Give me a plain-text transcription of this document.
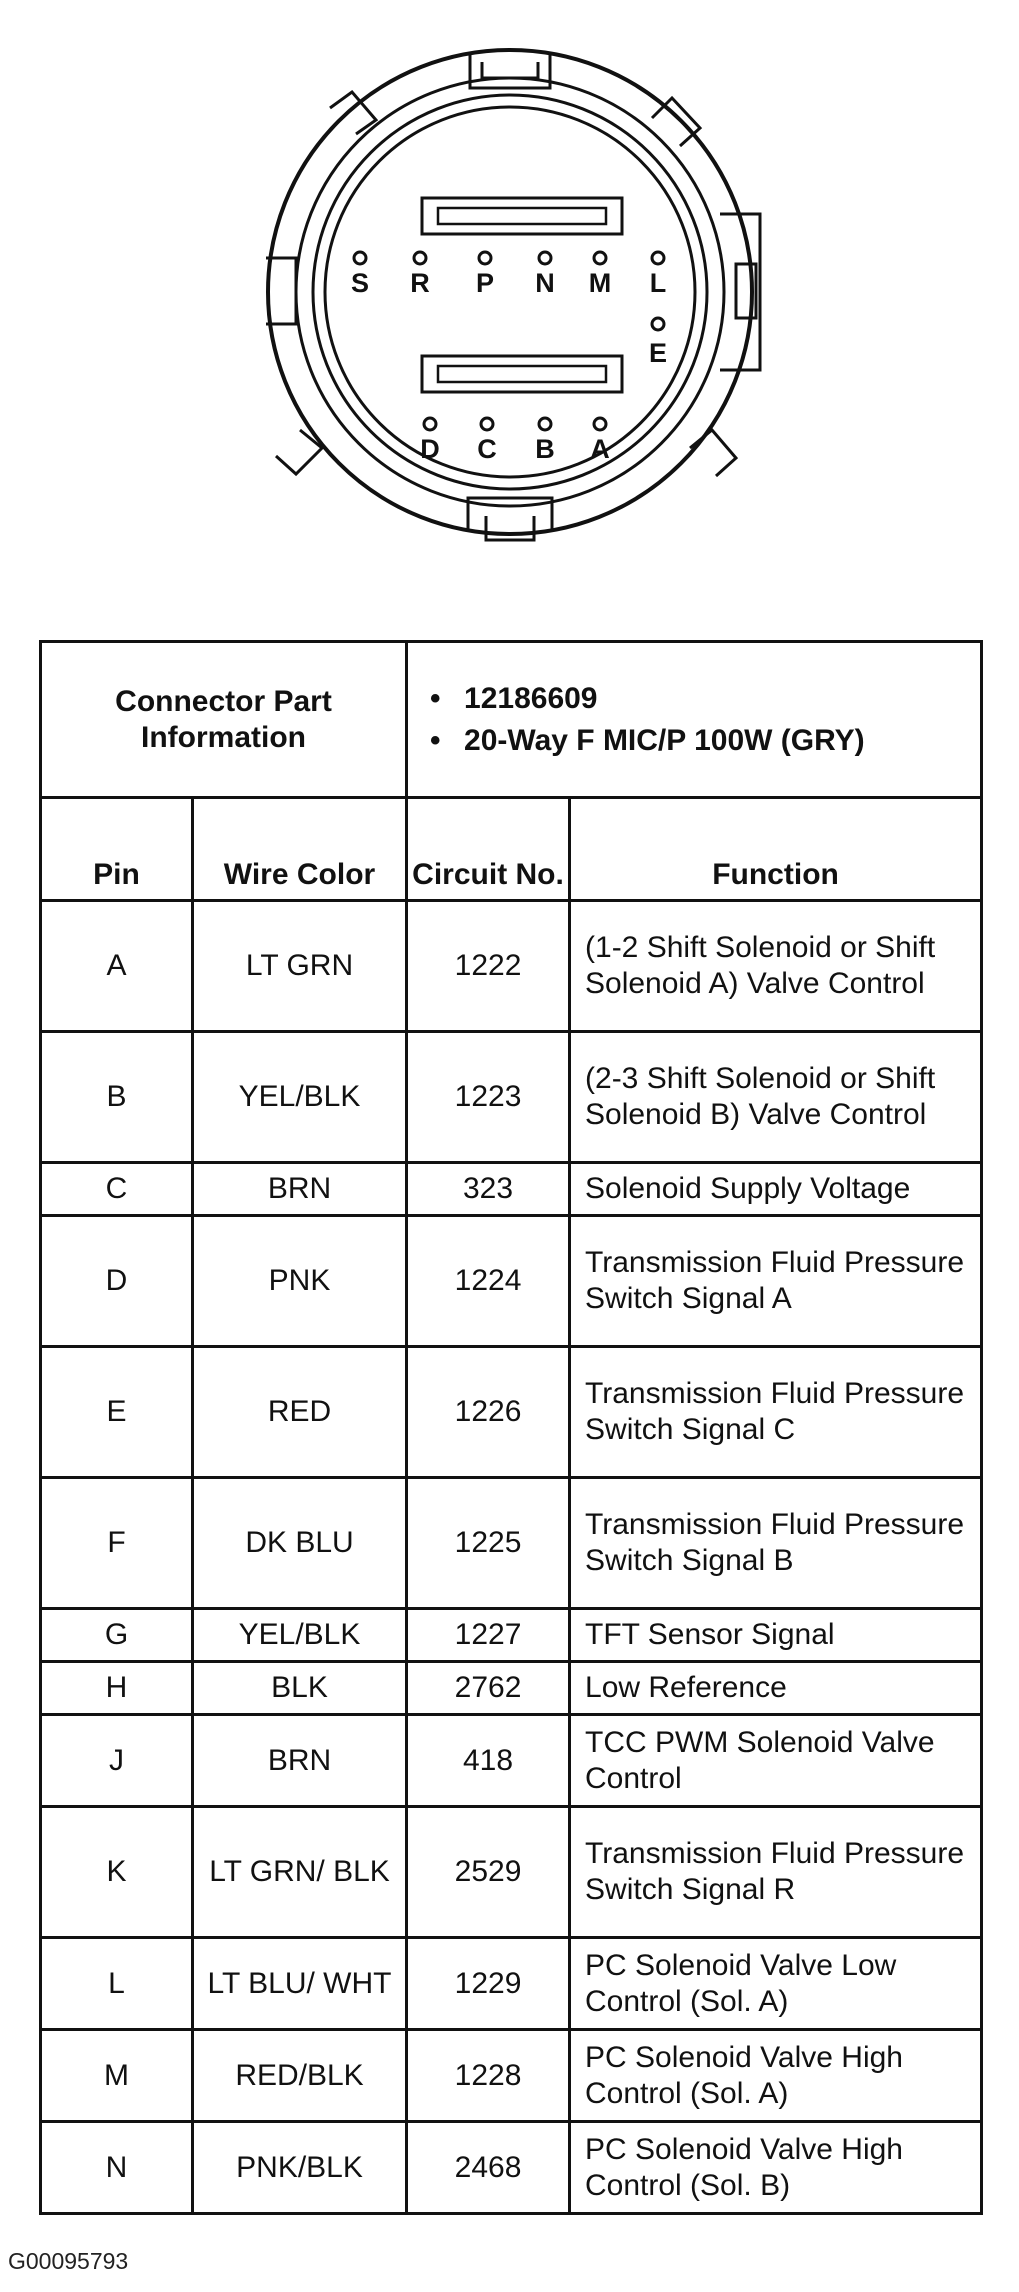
S R P N M L
E
D C B A
Connector Part Information		• 12186609
• 20-Way F MIC/P 100W (GRY)	

Pin	Wire Color	Circuit No.	Function
A	LT GRN	1222	(1-2 Shift Solenoid or Shift Solenoid A) Valve Control
B	YEL/BLK	1223	(2-3 Shift Solenoid or Shift Solenoid B) Valve Control
C	BRN	323	Solenoid Supply Voltage
D	PNK	1224	Transmission Fluid Pressure Switch Signal A
E	RED	1226	Transmission Fluid Pressure Switch Signal C
F	DK BLU	1225	Transmission Fluid Pressure Switch Signal B
G	YEL/BLK	1227	TFT Sensor Signal
H	BLK	2762	Low Reference
J	BRN	418	TCC PWM Solenoid Valve Control
K	LT GRN/ BLK	2529	Transmission Fluid Pressure Switch Signal R
L	LT BLU/ WHT	1229	PC Solenoid Valve Low Control (Sol. A)
M	RED/BLK	1228	PC Solenoid Valve High Control (Sol. A)
N	PNK/BLK	2468	PC Solenoid Valve High Control (Sol. B)
G00095793
